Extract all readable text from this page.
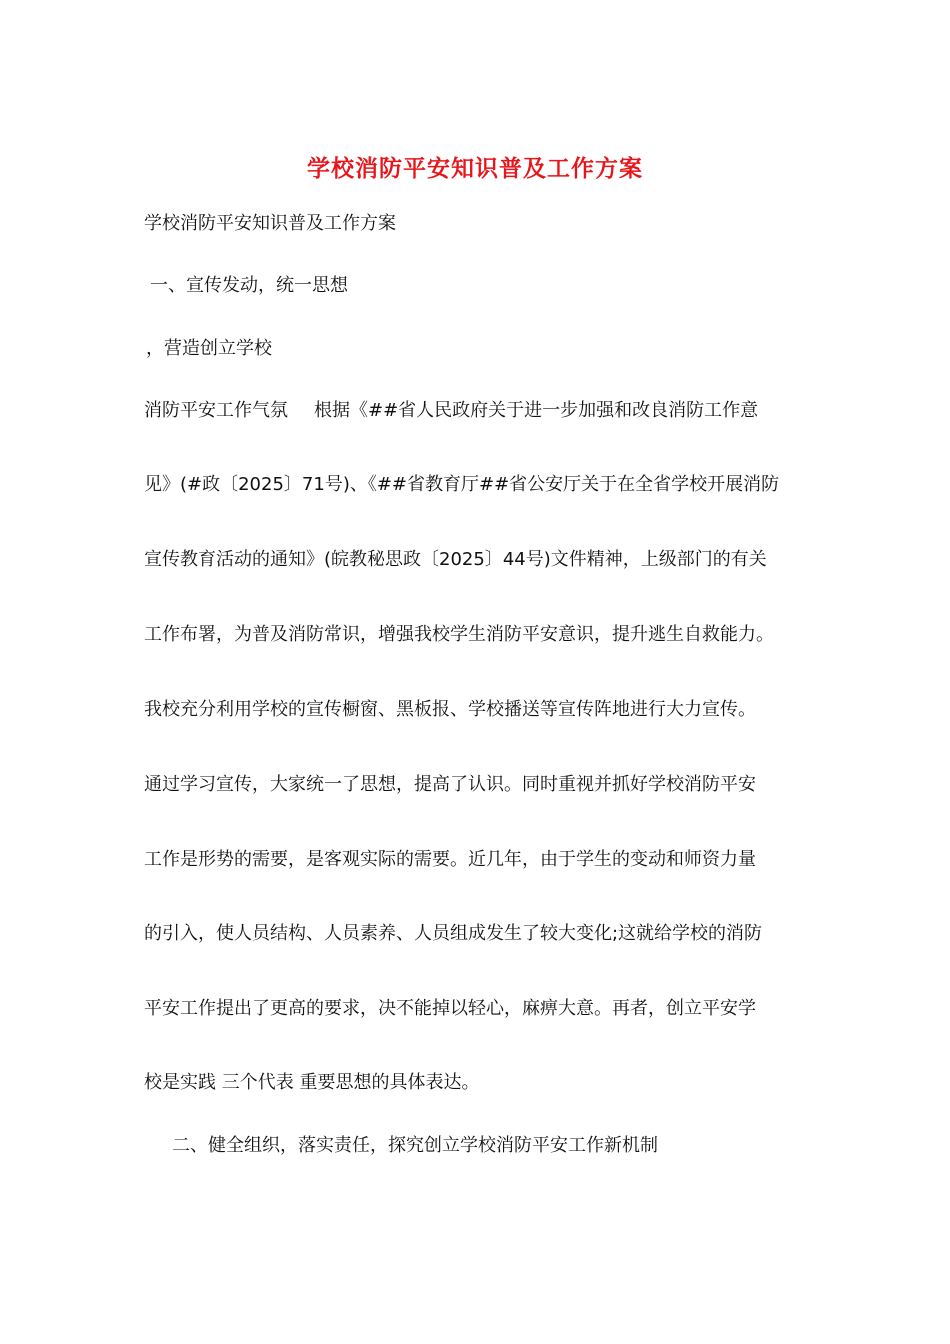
学校消防平安知识普及工作方案
学校消防平安知识普及工作方案
一、宣传发动，统一思想
，营造创立学校
消防平安工作气氛 根据《##省人民政府关于进一步加强和改良消防工作意
见》(#政〔2025〕71号)、《##省教育厅##省公安厅关于在全省学校开展消防
宣传教育活动的通知》(皖教秘思政〔2025〕44号)文件精神，上级部门的有关
工作布署，为普及消防常识，增强我校学生消防平安意识，提升逃生自救能力。
我校充分利用学校的宣传橱窗、黑板报、学校播送等宣传阵地进行大力宣传。
通过学习宣传，大家统一了思想，提高了认识。同时重视并抓好学校消防平安
工作是形势的需要，是客观实际的需要。近几年，由于学生的变动和师资力量
的引入，使人员结构、人员素养、人员组成发生了较大变化;这就给学校的消防
平安工作提出了更高的要求，决不能掉以轻心，麻痹大意。再者，创立平安学
校是实践 三个代表 重要思想的具体表达。
二、健全组织，落实责任，探究创立学校消防平安工作新机制
